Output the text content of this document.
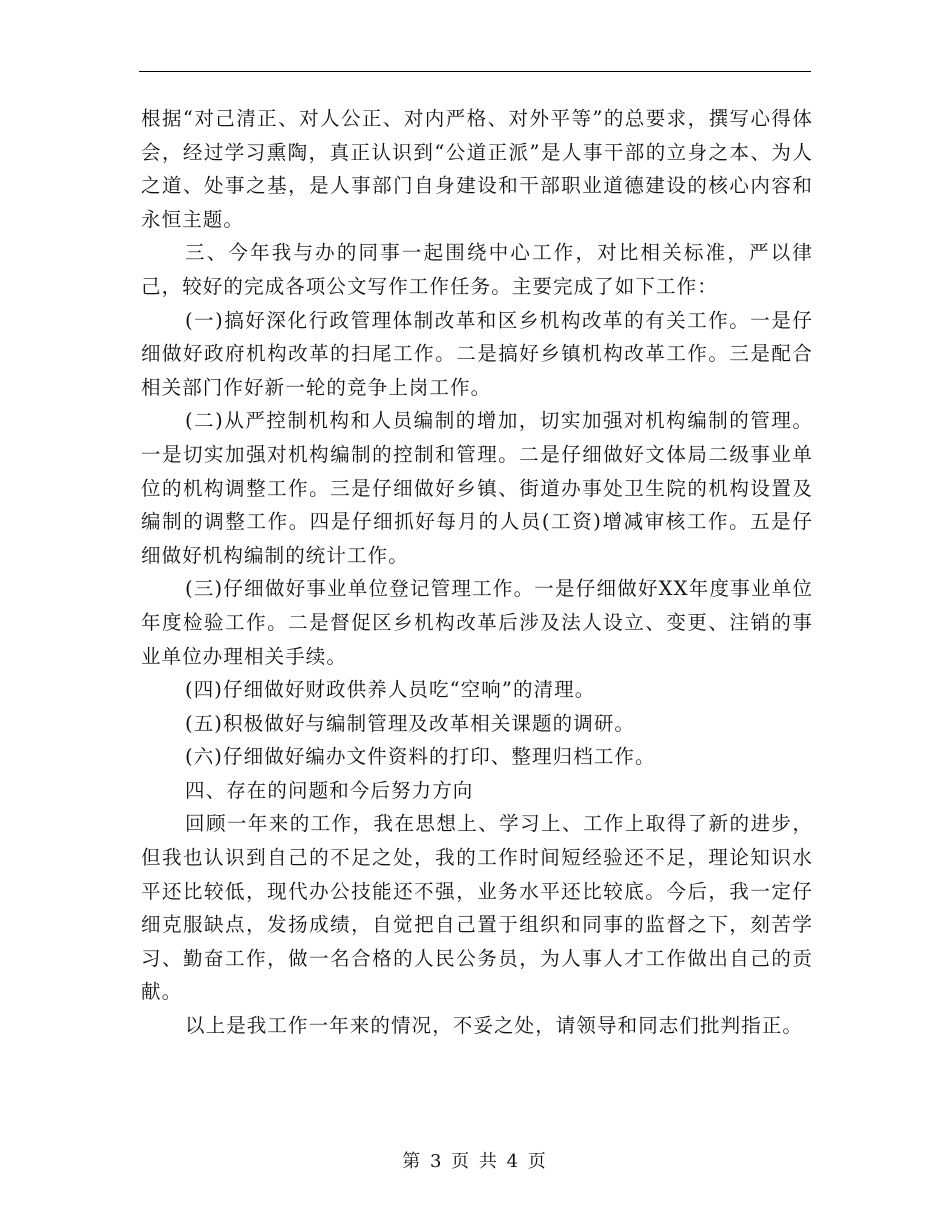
根据“对己清正、对人公正、对内严格、对外平等”的总要求，撰写心得体会，经过学习熏陶，真正认识到“公道正派”是人事干部的立身之本、为人之道、处事之基，是人事部门自身建设和干部职业道德建设的核心内容和永恒主题。

三、今年我与办的同事一起围绕中心工作，对比相关标准，严以律己，较好的完成各项公文写作工作任务。主要完成了如下工作：

(一)搞好深化行政管理体制改革和区乡机构改革的有关工作。一是仔细做好政府机构改革的扫尾工作。二是搞好乡镇机构改革工作。三是配合相关部门作好新一轮的竞争上岗工作。

(二)从严控制机构和人员编制的增加，切实加强对机构编制的管理。一是切实加强对机构编制的控制和管理。二是仔细做好文体局二级事业单位的机构调整工作。三是仔细做好乡镇、街道办事处卫生院的机构设置及编制的调整工作。四是仔细抓好每月的人员(工资)增减审核工作。五是仔细做好机构编制的统计工作。

(三)仔细做好事业单位登记管理工作。一是仔细做好XX年度事业单位年度检验工作。二是督促区乡机构改革后涉及法人设立、变更、注销的事业单位办理相关手续。

(四)仔细做好财政供养人员吃“空响”的清理。

(五)积极做好与编制管理及改革相关课题的调研。

(六)仔细做好编办文件资料的打印、整理归档工作。

四、存在的问题和今后努力方向

回顾一年来的工作，我在思想上、学习上、工作上取得了新的进步，但我也认识到自己的不足之处，我的工作时间短经验还不足，理论知识水平还比较低，现代办公技能还不强，业务水平还比较底。今后，我一定仔细克服缺点，发扬成绩，自觉把自己置于组织和同事的监督之下，刻苦学习、勤奋工作，做一名合格的人民公务员，为人事人才工作做出自己的贡献。

以上是我工作一年来的情况，不妥之处，请领导和同志们批判指正。

第 3 页 共 4 页
